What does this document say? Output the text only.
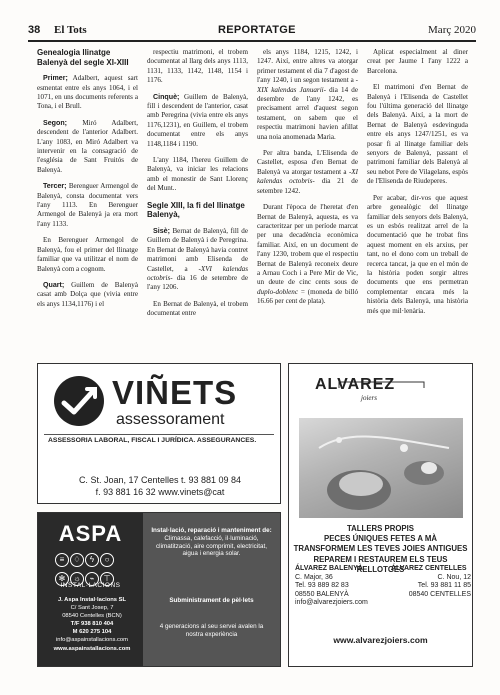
38 El Tots	REPORTATGE	Març 2020

Genealogia llinatge Balenyà del segle XI-XIII

Primer; Adalbert, aquest sart esmentat entre els anys 1064, i el 1071, en uns documents referents a Tona, i el Brull.

Segon; Miró Adalbert, descendent de l'anterior Adalbert. L'any 1083, en Miró Adalbert va intervenir en la consagració de l'església de Sant Fruitós de Balenyà.

Tercer; Berenguer Armengol de Balenyà, consta documentat vers l'any 1113. En Berenguer Armengol de Balenyà ja era mort l'any 1133.

En Berenguer Armengol de Balenyà, fou el primer del llinatge familiar que va utilitzar el nom de Balenyà com a cognom.

Quart; Guillem de Balenyà casat amb Dolça que (vivia entre els anys 1134,1176) i el

respectiu matrimoni, el trobem documentat al llarg dels anys 1113, 1131, 1133, 1142, 1148, 1154 i 1176.

Cinquè; Guillem de Balenyà, fill i descendent de l'anterior, casat amb Peregrina (vivia entre els anys 1176,1231), en Guillem, el trobem documentat entre els anys 1148,1184 i 1190.

L'any 1184, l'hereu Guillem de Balenyà, va iniciar les relacions amb el monestir de Sant Llorenç del Munt..

Segle XIII, la fi del llinatge Balenyà,

Sisè; Bernat de Balenyà, fill de Guillem de Balenyà i de Peregrina. En Bernat de Balenyà havia contret matrimoni amb Elisenda de Castellet, a -XVI kalendas octobris- dia 16 de setembre de l'any 1206.

En Bernat de Balenyà, el trobem documentat entre

els anys 1184, 1215, 1242, i 1247. Així, entre altres va atorgar primer testament el dia 7 d'agost de l'any 1240, i un segon testament a -XIX kalendas Januarii- dia 14 de desembre de l'any 1242, es precisament arrel d'aquest segon testament, on sabem que el respectiu matrimoni havien afillat una noia anomenada Maria.

Per altra banda, L'Elisenda de Castellet, esposa d'en Bernat de Balenyà va atorgar testament a -XI kalendas octobris- dia 21 de setembre 1242.

Durant l'època de l'heretat d'en Bernat de Balenyà, aquesta, es va caracteritzar per un període marcat per una decadència econòmica familiar. Així, en un document de l'any 1230, trobem que el respectiu Bernat de Balenyà reconeix deure a Arnau Coch i a Pere Mir de Vic, un deute de cinc cents sous de duplo-doblenc = (moneda de billó 16.66 per cent de plata).

Aplicat especialment al diner creat per Jaume I l'any 1222 a Barcelona.

El matrimoni d'en Bernat de Balenyà i l'Elisenda de Castellet fou l'última generació del llinatge dels Balenyà. Així, a la mort de Bernat de Balenyà esdevinguda entre els anys 1247/1251, es va posar fi al llinatge familiar dels senyors de Balenyà, passant el patrimoni familiar dels Balenyà al seu nebot Pere de Vilagelans, espòs de l'Elisenda de Riudeperes.

Per acabar, dir-vos que aquest arbre genealògic del llinatge familiar dels senyors dels Balenyà, es un esbós realitzat arrel de la documentació que he trobat fins aquest moment en els arxius, per tant, no el dono com un treball de recerca tancat, ja que en el món de la història poden sorgir altres documents que ens permetran complementar encara més la història dels Balenyà, una història més que mil·lenària.

VIÑETS
assessorament
ASSESSORIA LABORAL, FISCAL I JURÍDICA. ASSEGURANCES.
C. St. Joan, 17 Centelles t. 93 881 09 84
f. 93 881 16 32 www.vinets@cat
ASPA
≡ ♢ ϟ ○ ✻ ☼ ⌁ ⊤
INSTAL·LACIONS
J. Aspa Instal·lacions SL
C/ Sant Josep, 7
08540 Centelles (BCN)
T/F 938 810 404
M 620 275 104
info@aspainstallacions.com
www.aspainstallacions.com
Instal·lació, reparació i manteniment de:
Climassa, calefacció, il·luminació, climatització, aire comprimit, electricitat, aigua i energia solar.
Subministrament de pèl·lets
4 generacions al seu servei avalen la nostra experiència
ALVAREZ
joiers
TALLERS PROPIS
PECES ÚNIQUES FETES A MÀ
TRANSFORMEM LES TEVES JOIES ANTIGUES
REPAREM I RESTAUREM ELS TEUS RELLOTGES
ÁLVAREZ BALENYÀ
C. Major, 36
Tel. 93 889 82 83
08550 BALENYÀ
info@alvarezjoiers.com
ÁLVAREZ CENTELLES
C. Nou, 12
Tel. 93 881 11 85
08540 CENTELLES
www.alvarezjoiers.com
